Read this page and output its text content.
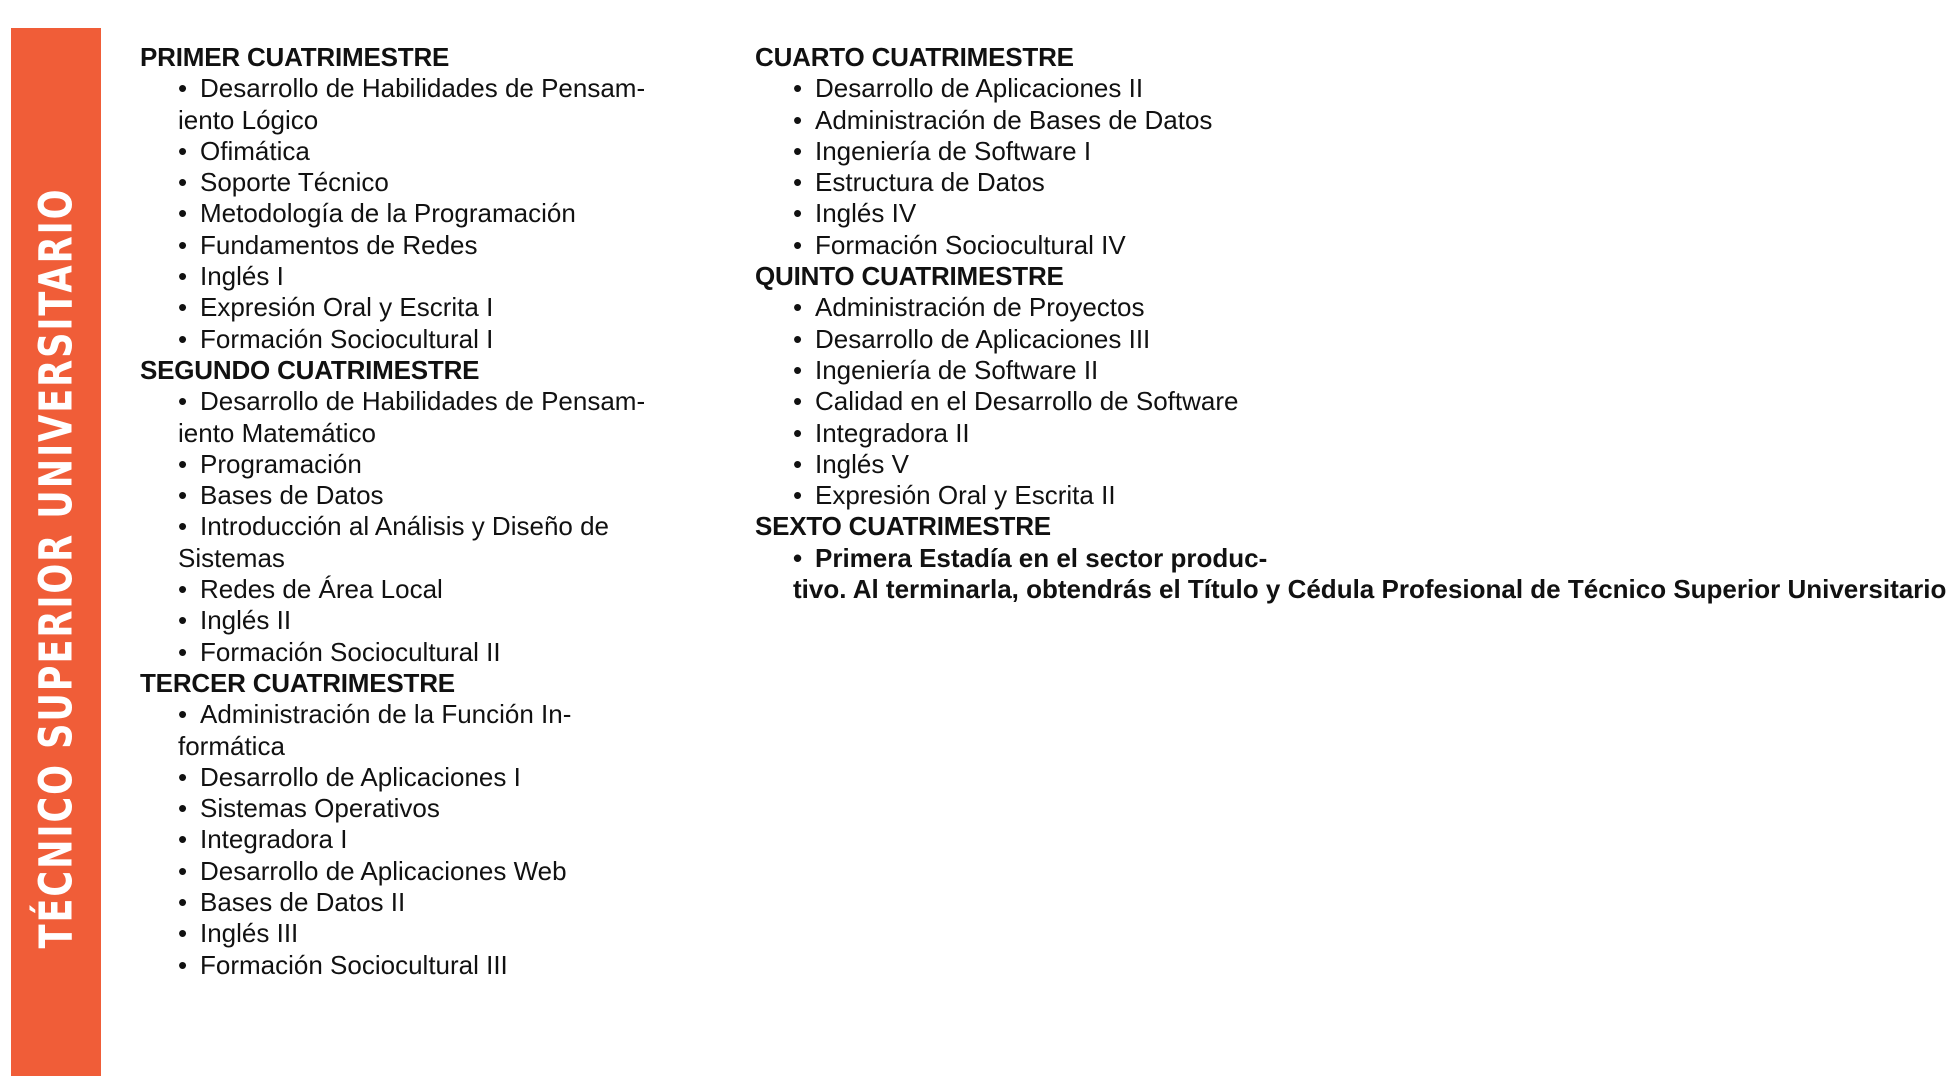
TÉCNICO SUPERIOR UNIVERSITARIO
PRIMER CUATRIMESTRE
• Desarrollo de Habilidades de Pensam-
iento Lógico
• Ofimática
• Soporte Técnico
• Metodología de la Programación
• Fundamentos de Redes
• Inglés I
• Expresión Oral y Escrita I
• Formación Sociocultural I
SEGUNDO CUATRIMESTRE
• Desarrollo de Habilidades de Pensam-
iento Matemático
• Programación
• Bases de Datos
• Introducción al Análisis y Diseño de Sistemas
• Redes de Área Local
• Inglés II
• Formación Sociocultural II
TERCER CUATRIMESTRE
• Administración de la Función In-
formática
• Desarrollo de Aplicaciones I
• Sistemas Operativos
• Integradora I
• Desarrollo de Aplicaciones Web
• Bases de Datos II
• Inglés III
• Formación Sociocultural III
CUARTO CUATRIMESTRE
• Desarrollo de Aplicaciones II
• Administración de Bases de Datos
• Ingeniería de Software I
• Estructura de Datos
• Inglés IV
• Formación Sociocultural IV
QUINTO CUATRIMESTRE
• Administración de Proyectos
• Desarrollo de Aplicaciones III
• Ingeniería de Software II
• Calidad en el Desarrollo de Software
• Integradora II
• Inglés V
• Expresión Oral y Escrita II
SEXTO CUATRIMESTRE
• Primera Estadía en el sector produc-
tivo. Al terminarla, obtendrás el Título y Cédula Profesional de Técnico Superior Universitario
